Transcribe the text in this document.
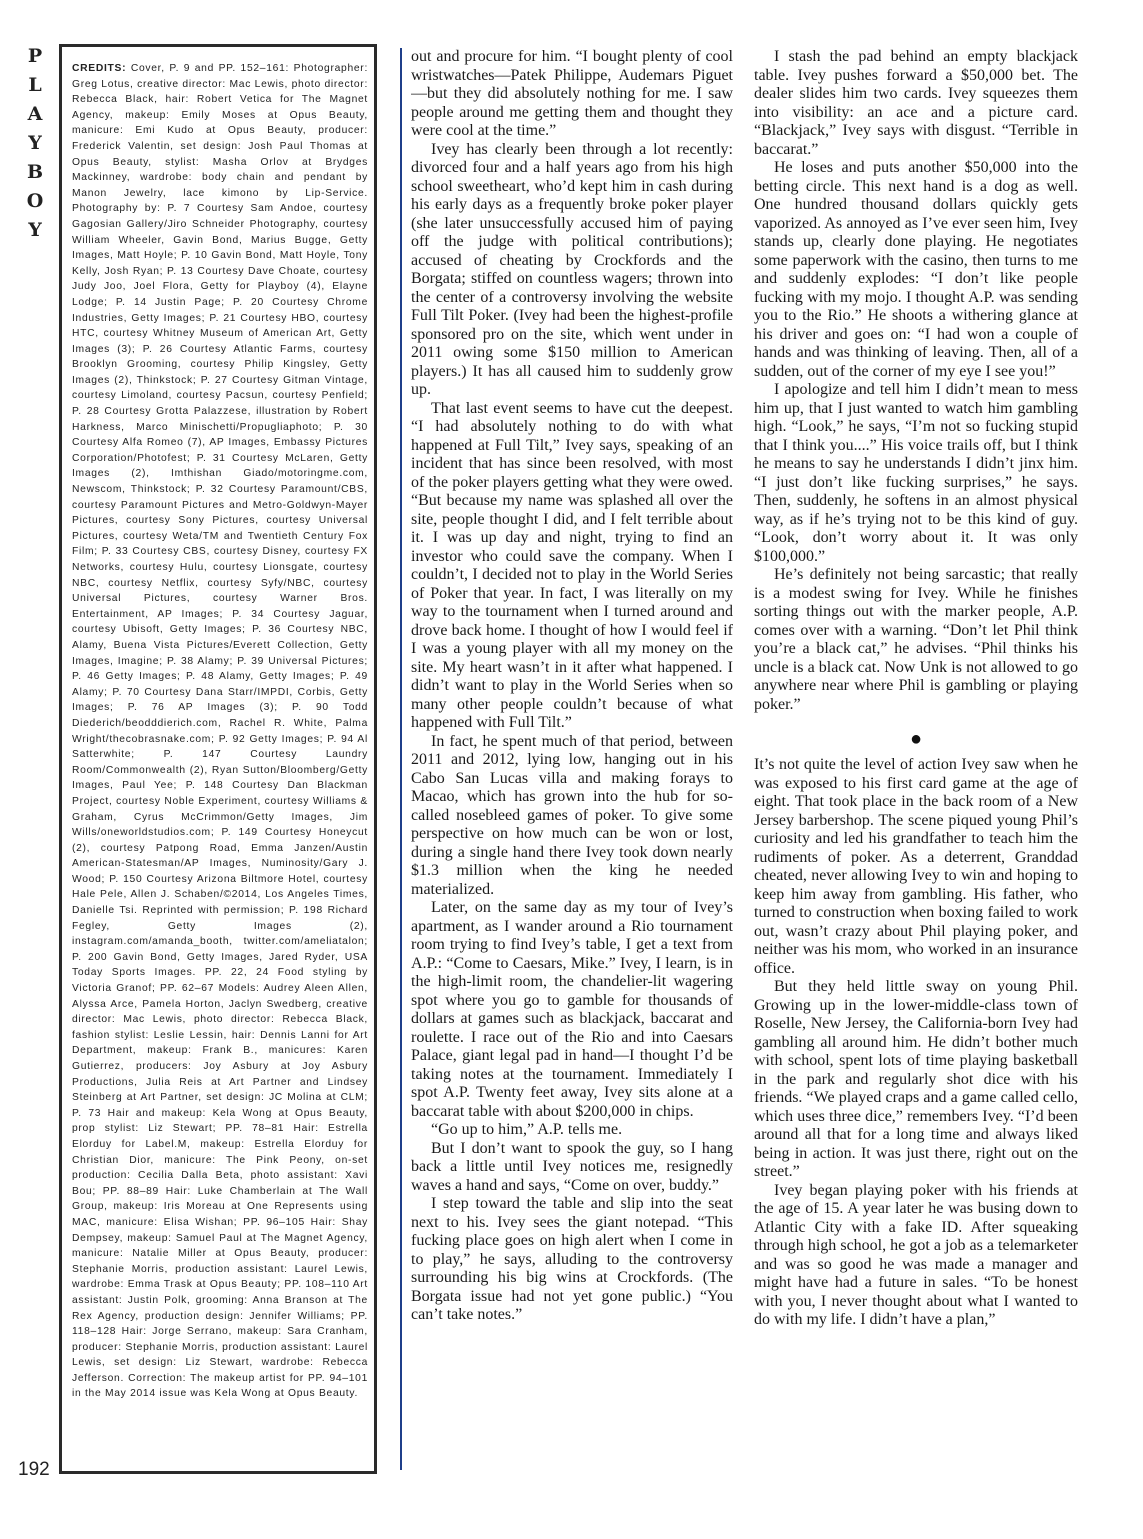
P
L
A
Y
B
O
Y

CREDITS: Cover, P. 9 and PP. 152–161: Photographer: Greg Lotus, creative director: Mac Lewis, photo director: Rebecca Black, hair: Robert Vetica for The Magnet Agency, makeup: Emily Moses at Opus Beauty, manicure: Emi Kudo at Opus Beauty, producer: Frederick Valentin, set design: Josh Paul Thomas at Opus Beauty, stylist: Masha Orlov at Brydges Mackinney, wardrobe: body chain and pendant by Manon Jewelry, lace kimono by Lip-Service. Photography by: P. 7 Courtesy Sam Andoe, courtesy Gagosian Gallery/Jiro Schneider Photography, courtesy William Wheeler, Gavin Bond, Marius Bugge, Getty Images, Matt Hoyle; P. 10 Gavin Bond, Matt Hoyle, Tony Kelly, Josh Ryan; P. 13 Courtesy Dave Choate, courtesy Judy Joo, Joel Flora, Getty for Playboy (4), Elayne Lodge; P. 14 Justin Page; P. 20 Courtesy Chrome Industries, Getty Images; P. 21 Courtesy HBO, courtesy HTC, courtesy Whitney Museum of American Art, Getty Images (3); P. 26 Courtesy Atlantic Farms, courtesy Brooklyn Grooming, courtesy Philip Kingsley, Getty Images (2), Thinkstock; P. 27 Courtesy Gitman Vintage, courtesy Limoland, courtesy Pacsun, courtesy Penfield; P. 28 Courtesy Grotta Palazzese, illustration by Robert Harkness, Marco Minischetti/Propugliaphoto; P. 30 Courtesy Alfa Romeo (7), AP Images, Embassy Pictures Corporation/Photofest; P. 31 Courtesy McLaren, Getty Images (2), Imthishan Giado/motoringme.com, Newscom, Thinkstock; P. 32 Courtesy Paramount/CBS, courtesy Paramount Pictures and Metro-Goldwyn-Mayer Pictures, courtesy Sony Pictures, courtesy Universal Pictures, courtesy Weta/TM and Twentieth Century Fox Film; P. 33 Courtesy CBS, courtesy Disney, courtesy FX Networks, courtesy Hulu, courtesy Lionsgate, courtesy NBC, courtesy Netflix, courtesy Syfy/NBC, courtesy Universal Pictures, courtesy Warner Bros. Entertainment, AP Images; P. 34 Courtesy Jaguar, courtesy Ubisoft, Getty Images; P. 36 Courtesy NBC, Alamy, Buena Vista Pictures/Everett Collection, Getty Images, Imagine; P. 38 Alamy; P. 39 Universal Pictures; P. 46 Getty Images; P. 48 Alamy, Getty Images; P. 49 Alamy; P. 70 Courtesy Dana Starr/IMPDI, Corbis, Getty Images; P. 76 AP Images (3); P. 90 Todd Diederich/beodddierich.com, Rachel R. White, Palma Wright/thecobrasnake.com; P. 92 Getty Images; P. 94 Al Satterwhite; P. 147 Courtesy Laundry Room/Commonwealth (2), Ryan Sutton/Bloomberg/Getty Images, Paul Yee; P. 148 Courtesy Dan Blackman Project, courtesy Noble Experiment, courtesy Williams & Graham, Cyrus McCrimmon/Getty Images, Jim Wills/oneworldstudios.com; P. 149 Courtesy Honeycut (2), courtesy Patpong Road, Emma Janzen/Austin American-Statesman/AP Images, Numinosity/Gary J. Wood; P. 150 Courtesy Arizona Biltmore Hotel, courtesy Hale Pele, Allen J. Schaben/©2014, Los Angeles Times, Danielle Tsi. Reprinted with permission; P. 198 Richard Fegley, Getty Images (2), instagram.com/amanda_booth, twitter.com/ameliatalon; P. 200 Gavin Bond, Getty Images, Jared Ryder, USA Today Sports Images. PP. 22, 24 Food styling by Victoria Granof; PP. 62–67 Models: Audrey Aleen Allen, Alyssa Arce, Pamela Horton, Jaclyn Swedberg, creative director: Mac Lewis, photo director: Rebecca Black, fashion stylist: Leslie Lessin, hair: Dennis Lanni for Art Department, makeup: Frank B., manicures: Karen Gutierrez, producers: Joy Asbury at Joy Asbury Productions, Julia Reis at Art Partner and Lindsey Steinberg at Art Partner, set design: JC Molina at CLM; P. 73 Hair and makeup: Kela Wong at Opus Beauty, prop stylist: Liz Stewart; PP. 78–81 Hair: Estrella Elorduy for Label.M, makeup: Estrella Elorduy for Christian Dior, manicure: The Pink Peony, on-set production: Cecilia Dalla Beta, photo assistant: Xavi Bou; PP. 88–89 Hair: Luke Chamberlain at The Wall Group, makeup: Iris Moreau at One Represents using MAC, manicure: Elisa Wishan; PP. 96–105 Hair: Shay Dempsey, makeup: Samuel Paul at The Magnet Agency, manicure: Natalie Miller at Opus Beauty, producer: Stephanie Morris, production assistant: Laurel Lewis, wardrobe: Emma Trask at Opus Beauty; PP. 108–110 Art assistant: Justin Polk, grooming: Anna Branson at The Rex Agency, production design: Jennifer Williams; PP. 118–128 Hair: Jorge Serrano, makeup: Sara Cranham, producer: Stephanie Morris, production assistant: Laurel Lewis, set design: Liz Stewart, wardrobe: Rebecca Jefferson. Correction: The makeup artist for PP. 94–101 in the May 2014 issue was Kela Wong at Opus Beauty.

192

out and procure for him. “I bought plenty of cool wristwatches—Patek Philippe, Audemars Piguet—but they did absolutely nothing for me. I saw people around me getting them and thought they were cool at the time.”

Ivey has clearly been through a lot recently: divorced four and a half years ago from his high school sweetheart, who’d kept him in cash during his early days as a frequently broke poker player (she later unsuccessfully accused him of paying off the judge with political contributions); accused of cheating by Crockfords and the Borgata; stiffed on countless wagers; thrown into the center of a controversy involving the website Full Tilt Poker. (Ivey had been the highest-profile sponsored pro on the site, which went under in 2011 owing some $150 million to American players.) It has all caused him to suddenly grow up.

That last event seems to have cut the deepest. “I had absolutely nothing to do with what happened at Full Tilt,” Ivey says, speaking of an incident that has since been resolved, with most of the poker players getting what they were owed. “But because my name was splashed all over the site, people thought I did, and I felt terrible about it. I was up day and night, trying to find an investor who could save the company. When I couldn’t, I decided not to play in the World Series of Poker that year. In fact, I was literally on my way to the tournament when I turned around and drove back home. I thought of how I would feel if I was a young player with all my money on the site. My heart wasn’t in it after what happened. I didn’t want to play in the World Series when so many other people couldn’t because of what happened with Full Tilt.”

In fact, he spent much of that period, between 2011 and 2012, lying low, hanging out in his Cabo San Lucas villa and making forays to Macao, which has grown into the hub for so-called nosebleed games of poker. To give some perspective on how much can be won or lost, during a single hand there Ivey took down nearly $1.3 million when the king he needed materialized.

Later, on the same day as my tour of Ivey’s apartment, as I wander around a Rio tournament room trying to find Ivey’s table, I get a text from A.P.: “Come to Caesars, Mike.” Ivey, I learn, is in the high-limit room, the chandelier-lit wagering spot where you go to gamble for thousands of dollars at games such as blackjack, baccarat and roulette. I race out of the Rio and into Caesars Palace, giant legal pad in hand—I thought I’d be taking notes at the tournament. Immediately I spot A.P. Twenty feet away, Ivey sits alone at a baccarat table with about $200,000 in chips.

“Go up to him,” A.P. tells me.

But I don’t want to spook the guy, so I hang back a little until Ivey notices me, resignedly waves a hand and says, “Come on over, buddy.”

I step toward the table and slip into the seat next to his. Ivey sees the giant notepad. “This fucking place goes on high alert when I come in to play,” he says, alluding to the controversy surrounding his big wins at Crockfords. (The Borgata issue had not yet gone public.) “You can’t take notes.”

I stash the pad behind an empty blackjack table. Ivey pushes forward a $50,000 bet. The dealer slides him two cards. Ivey squeezes them into visibility: an ace and a picture card. “Blackjack,” Ivey says with disgust. “Terrible in baccarat.”

He loses and puts another $50,000 into the betting circle. This next hand is a dog as well. One hundred thousand dollars quickly gets vaporized. As annoyed as I’ve ever seen him, Ivey stands up, clearly done playing. He negotiates some paperwork with the casino, then turns to me and suddenly explodes: “I don’t like people fucking with my mojo. I thought A.P. was sending you to the Rio.” He shoots a withering glance at his driver and goes on: “I had won a couple of hands and was thinking of leaving. Then, all of a sudden, out of the corner of my eye I see you!”

I apologize and tell him I didn’t mean to mess him up, that I just wanted to watch him gambling high. “Look,” he says, “I’m not so fucking stupid that I think you....” His voice trails off, but I think he means to say he understands I didn’t jinx him. “I just don’t like fucking surprises,” he says. Then, suddenly, he softens in an almost physical way, as if he’s trying not to be this kind of guy. “Look, don’t worry about it. It was only $100,000.”

He’s definitely not being sarcastic; that really is a modest swing for Ivey. While he finishes sorting things out with the marker people, A.P. comes over with a warning. “Don’t let Phil think you’re a black cat,” he advises. “Phil thinks his uncle is a black cat. Now Unk is not allowed to go anywhere near where Phil is gambling or playing poker.”

●

It’s not quite the level of action Ivey saw when he was exposed to his first card game at the age of eight. That took place in the back room of a New Jersey barbershop. The scene piqued young Phil’s curiosity and led his grandfather to teach him the rudiments of poker. As a deterrent, Granddad cheated, never allowing Ivey to win and hoping to keep him away from gambling. His father, who turned to construction when boxing failed to work out, wasn’t crazy about Phil playing poker, and neither was his mom, who worked in an insurance office.

But they held little sway on young Phil. Growing up in the lower-middle-class town of Roselle, New Jersey, the California-born Ivey had gambling all around him. He didn’t bother much with school, spent lots of time playing basketball in the park and regularly shot dice with his friends. “We played craps and a game called cello, which uses three dice,” remembers Ivey. “I’d been around all that for a long time and always liked being in action. It was just there, right out on the street.”

Ivey began playing poker with his friends at the age of 15. A year later he was busing down to Atlantic City with a fake ID. After squeaking through high school, he got a job as a telemarketer and was so good he was made a manager and might have had a future in sales. “To be honest with you, I never thought about what I wanted to do with my life. I didn’t have a plan,”
